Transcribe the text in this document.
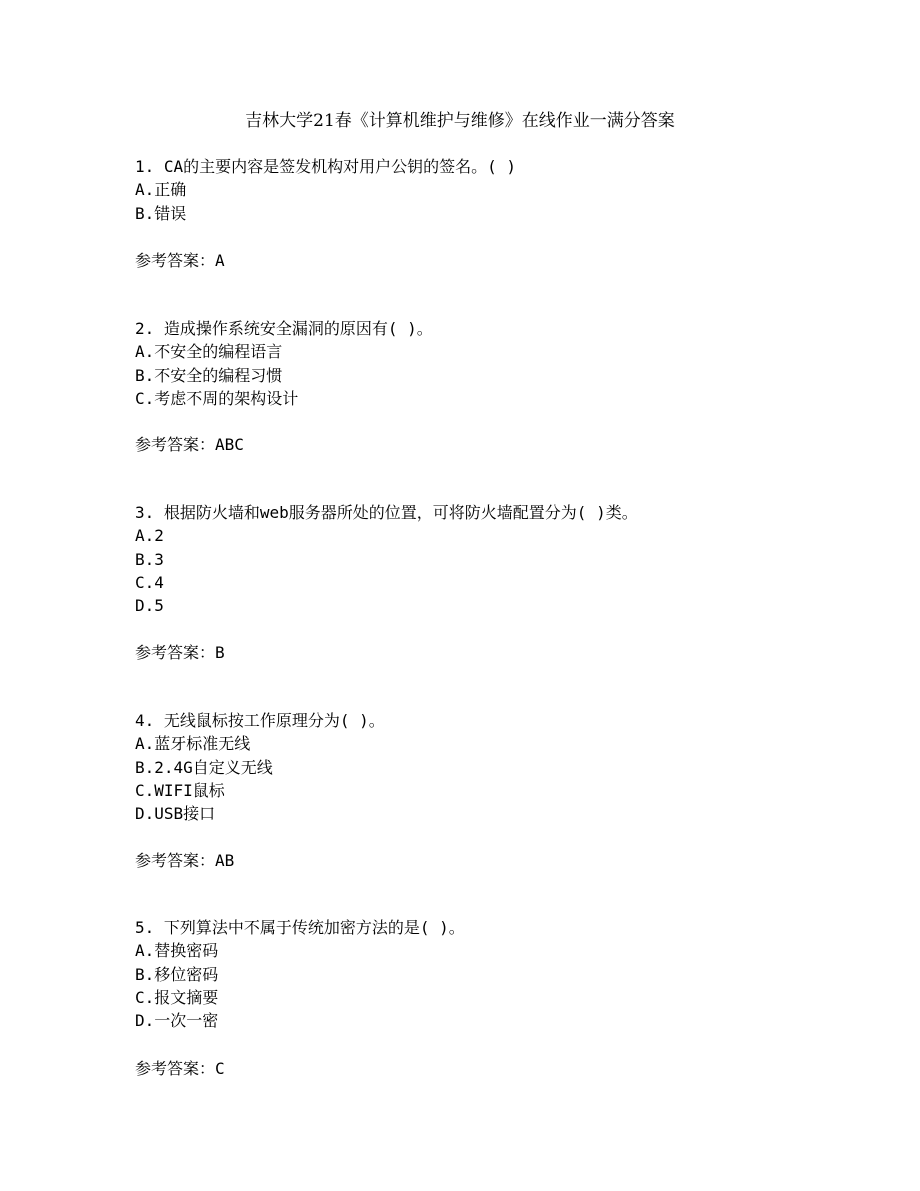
吉林大学21春《计算机维护与维修》在线作业一满分答案
1. CA的主要内容是签发机构对用户公钥的签名。( )
A.正确
B.错误
参考答案：A
2. 造成操作系统安全漏洞的原因有( )。
A.不安全的编程语言
B.不安全的编程习惯
C.考虑不周的架构设计
参考答案：ABC
3. 根据防火墙和web服务器所处的位置，可将防火墙配置分为( )类。
A.2
B.3
C.4
D.5
参考答案：B
4. 无线鼠标按工作原理分为( )。
A.蓝牙标准无线
B.2.4G自定义无线
C.WIFI鼠标
D.USB接口
参考答案：AB
5. 下列算法中不属于传统加密方法的是( )。
A.替换密码
B.移位密码
C.报文摘要
D.一次一密
参考答案：C
